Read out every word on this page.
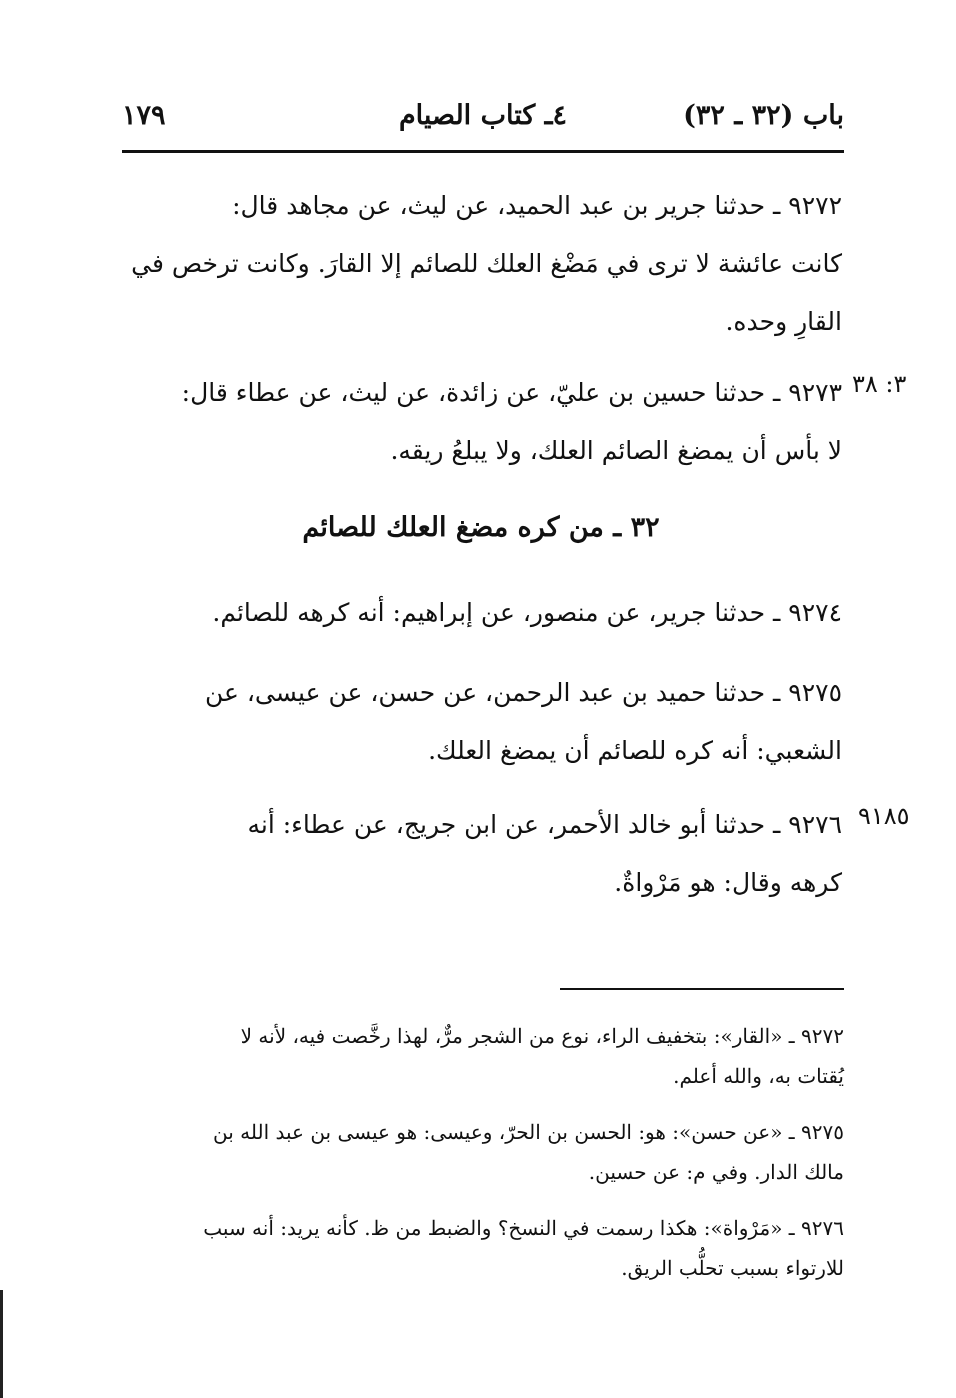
باب (٣٢ ـ ٣٢)
٤ـ كتاب الصيام
١٧٩
٩٢٧٢ ـ حدثنا جرير بن عبد الحميد، عن ليث، عن مجاهد قال:
كانت عائشة لا ترى في مَضْغ العلك للصائم إلا القارَ. وكانت ترخص في
القارِ وحده.
٣: ٣٨
٩٢٧٣ ـ حدثنا حسين بن عليّ، عن زائدة، عن ليث، عن عطاء قال:
لا بأس أن يمضغ الصائم العلك، ولا يبلعُ ريقه.
٣٢ ـ من كره مضغ العلك للصائم
٩٢٧٤ ـ حدثنا جرير، عن منصور، عن إبراهيم: أنه كرهه للصائم.
٩٢٧٥ ـ حدثنا حميد بن عبد الرحمن، عن حسن، عن عيسى، عن
الشعبي: أنه كره للصائم أن يمضغ العلك.
٩١٨٥
٩٢٧٦ ـ حدثنا أبو خالد الأحمر، عن ابن جريج، عن عطاء: أنه
كرهه وقال: هو مَرْواةٌ.
٩٢٧٢ ـ «القار»: بتخفيف الراء، نوع من الشجر مرٌّ، لهذا رخَّصت فيه، لأنه لا
يُقتات به، والله أعلم.
٩٢٧٥ ـ «عن حسن»: هو: الحسن بن الحرّ، وعيسى: هو عيسى بن عبد الله بن
مالك الدار. وفي م: عن حسين.
٩٢٧٦ ـ «مَرْواة»: هكذا رسمت في النسخ؟ والضبط من ظ. كأنه يريد: أنه سبب
للارتواء بسبب تحلُّب الريق.
